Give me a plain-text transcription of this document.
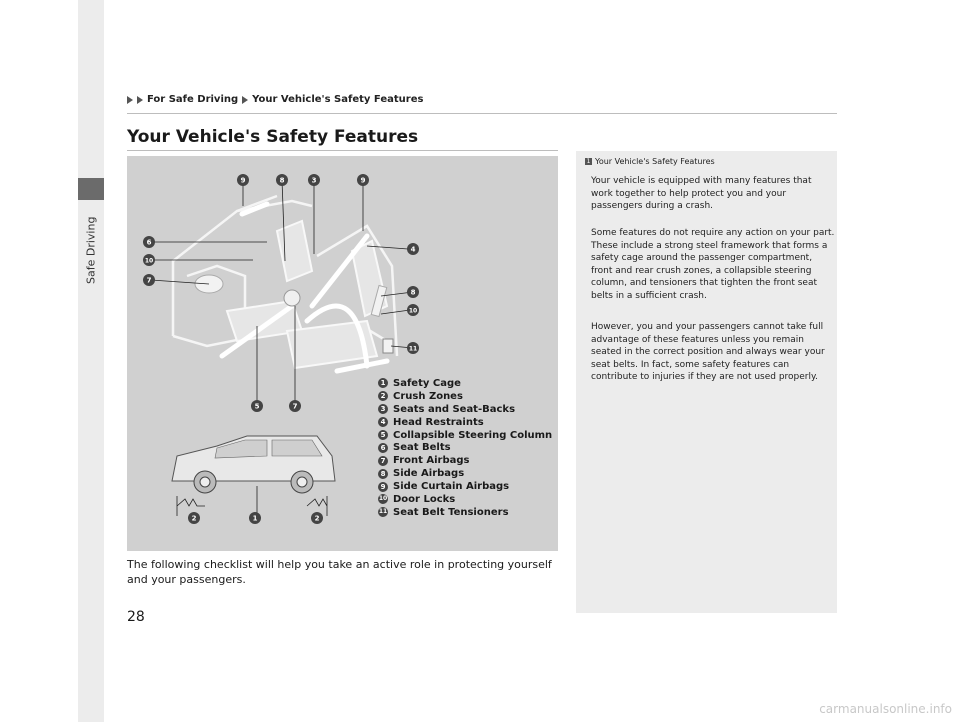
Safe Driving
For Safe Driving Your Vehicle's Safety Features
Your Vehicle's Safety Features
9	8	3	9
6
10
7
4
8
10
11
5	7
2	1	2
1 Safety Cage
2 Crush Zones
3 Seats and Seat-Backs
4 Head Restraints
5 Collapsible Steering Column
6 Seat Belts
7 Front Airbags
8 Side Airbags
9 Side Curtain Airbags
10 Door Locks
11 Seat Belt Tensioners

The following checklist will help you take an active role in protecting yourself and your passengers.

1 Your Vehicle's Safety Features

Your vehicle is equipped with many features that work together to help protect you and your passengers during a crash.

Some features do not require any action on your part. These include a strong steel framework that forms a safety cage around the passenger compartment, front and rear crush zones, a collapsible steering column, and tensioners that tighten the front seat belts in a sufficient crash.

However, you and your passengers cannot take full advantage of these features unless you remain seated in the correct position and always wear your seat belts. In fact, some safety features can contribute to injuries if they are not used properly.

28
carmanualsonline.info
